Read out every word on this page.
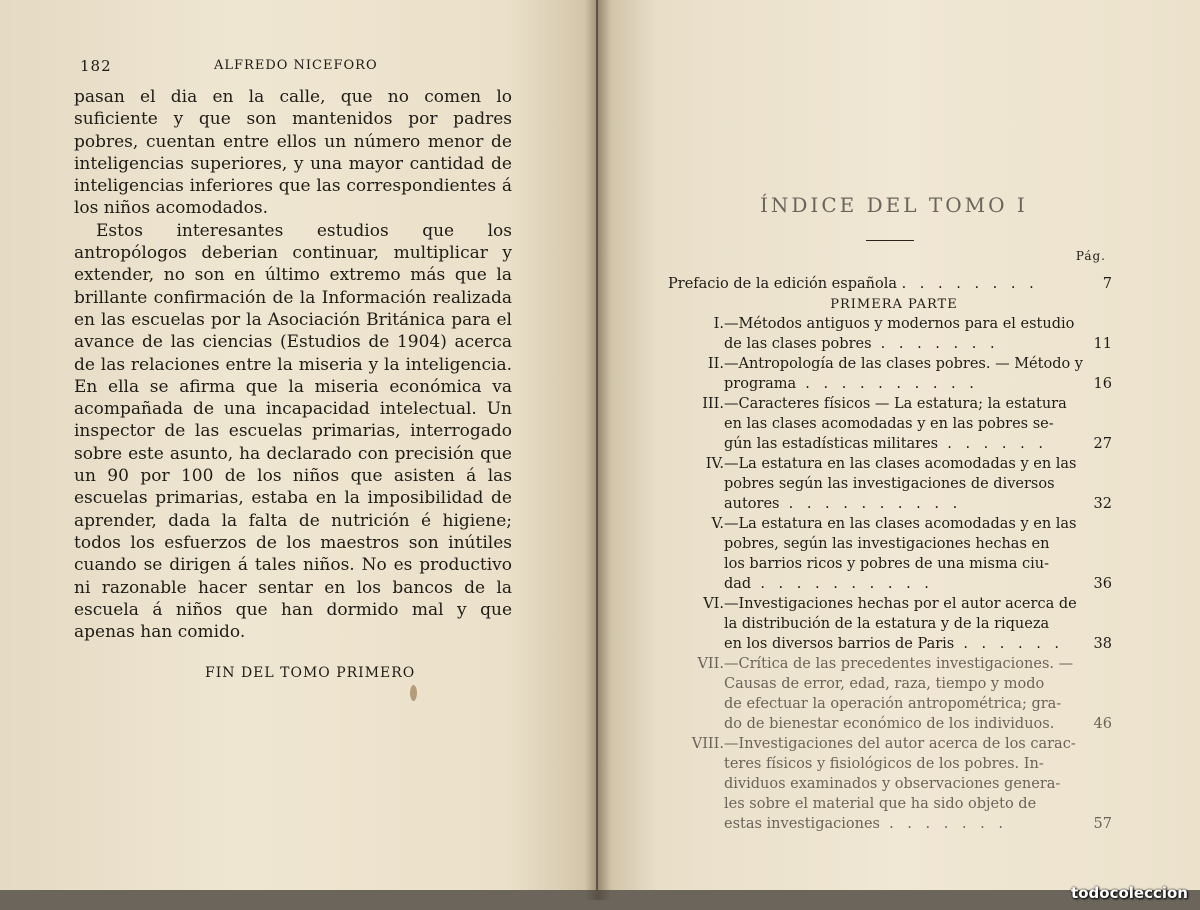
182	ALFREDO NICEFORO

pasan el dia en la calle, que no comen lo suficiente y que son mantenidos por padres pobres, cuentan entre ellos un número menor de inteligencias superiores, y una mayor cantidad de inteligencias inferiores que las correspondientes á los niños acomodados.

Estos interesantes estudios que los antropólogos deberian continuar, multiplicar y extender, no son en último extremo más que la brillante confirmación de la Información realizada en las escuelas por la Asociación Británica para el avance de las ciencias (Estudios de 1904) acerca de las relaciones entre la miseria y la inteligencia. En ella se afirma que la miseria económica va acompañada de una incapacidad intelectual. Un inspector de las escuelas primarias, interrogado sobre este asunto, ha declarado con precisión que un 90 por 100 de los niños que asisten á las escuelas primarias, estaba en la imposibilidad de aprender, dada la falta de nutrición é higiene; todos los esfuerzos de los maestros son inútiles cuando se dirigen á tales niños. No es productivo ni razonable hacer sentar en los bancos de la escuela á niños que han dormido mal y que apenas han comido.

FIN DEL TOMO PRIMERO
ÍNDICE DEL TOMO I
Pág.
Prefacio de la edición española . . . . . . . .	7
PRIMERA PARTE
I.—Métodos antiguos y modernos para el estudio
de las clases pobres . . . . . . .	11
II.—Antropología de las clases pobres. — Método y
programa . . . . . . . . . .	16
III.—Caracteres físicos — La estatura; la estatura
en las clases acomodadas y en las pobres se-
gún las estadísticas militares . . . . . .	27
IV.—La estatura en las clases acomodadas y en las
pobres según las investigaciones de diversos
autores . . . . . . . . . .	32
V.—La estatura en las clases acomodadas y en las
pobres, según las investigaciones hechas en
los barrios ricos y pobres de una misma ciu-
dad . . . . . . . . . .	36
VI.—Investigaciones hechas por el autor acerca de
la distribución de la estatura y de la riqueza
en los diversos barrios de Paris . . . . . . 38
VII.—Crítica de las precedentes investigaciones. —
Causas de error, edad, raza, tiempo y modo
de efectuar la operación antropométrica; gra-
do de bienestar económico de los individuos.	46
VIII.—Investigaciones del autor acerca de los carac-
teres físicos y fisiológicos de los pobres. In-
dividuos examinados y observaciones genera-
les sobre el material que ha sido objeto de
estas investigaciones . . . . . . .	57
todocoleccion
